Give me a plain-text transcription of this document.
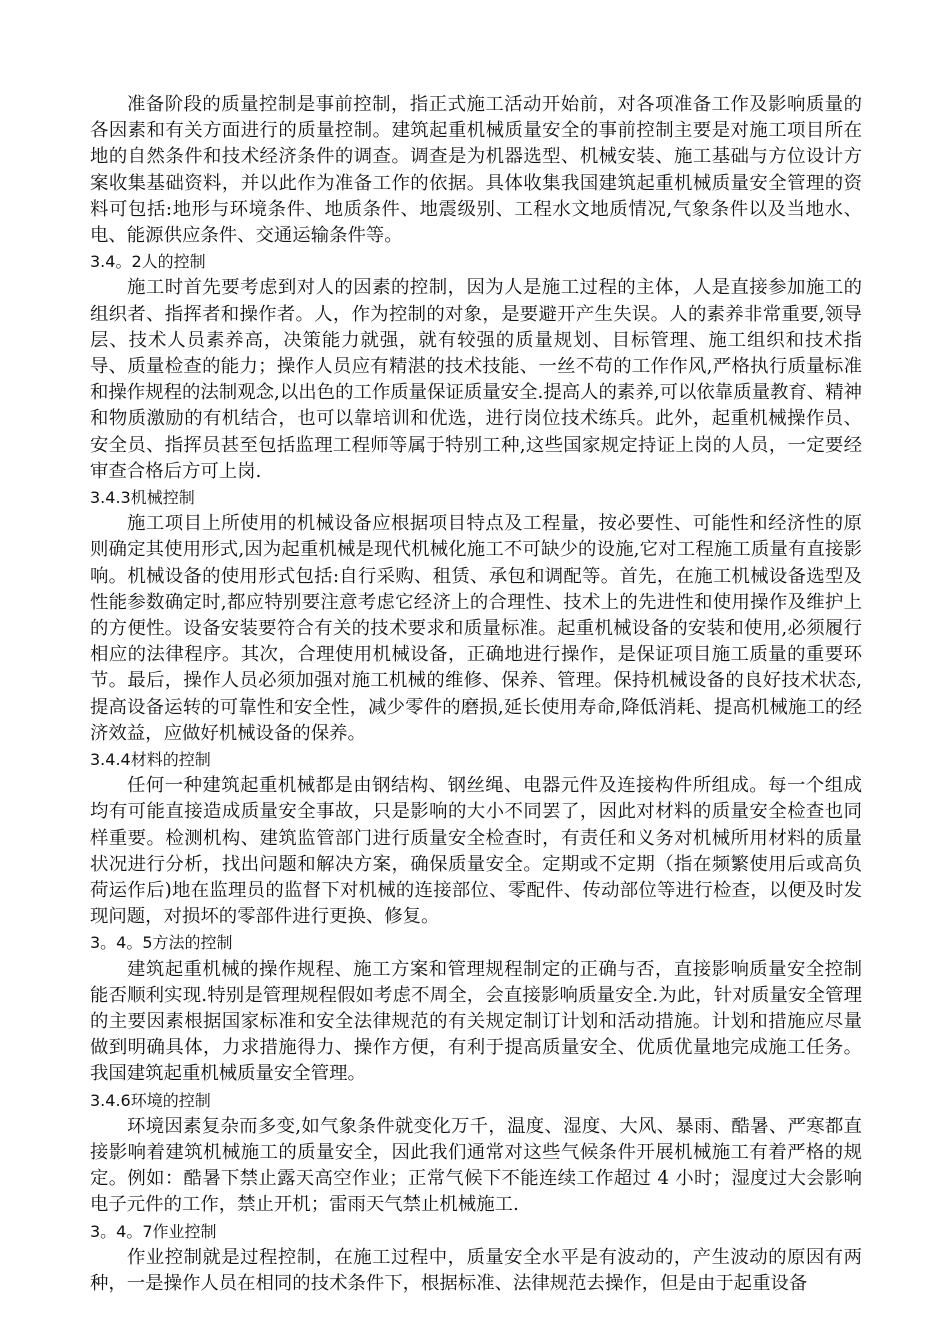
准备阶段的质量控制是事前控制，指正式施工活动开始前，对各项准备工作及影响质量的各因素和有关方面进行的质量控制。建筑起重机械质量安全的事前控制主要是对施工项目所在地的自然条件和技术经济条件的调查。调查是为机器选型、机械安装、施工基础与方位设计方案收集基础资料，并以此作为准备工作的依据。具体收集我国建筑起重机械质量安全管理的资料可包括:地形与环境条件、地质条件、地震级别、工程水文地质情况,气象条件以及当地水、电、能源供应条件、交通运输条件等。

3.4。2人的控制

施工时首先要考虑到对人的因素的控制，因为人是施工过程的主体，人是直接参加施工的组织者、指挥者和操作者。人，作为控制的对象，是要避开产生失误。人的素养非常重要,领导层、技术人员素养高，决策能力就强，就有较强的质量规划、目标管理、施工组织和技术指导、质量检查的能力；操作人员应有精湛的技术技能、一丝不苟的工作作风,严格执行质量标准和操作规程的法制观念,以出色的工作质量保证质量安全.提高人的素养,可以依靠质量教育、精神和物质激励的有机结合，也可以靠培训和优选，进行岗位技术练兵。此外，起重机械操作员、安全员、指挥员甚至包括监理工程师等属于特别工种,这些国家规定持证上岗的人员，一定要经审查合格后方可上岗.

3.4.3机械控制

施工项目上所使用的机械设备应根据项目特点及工程量，按必要性、可能性和经济性的原则确定其使用形式,因为起重机械是现代机械化施工不可缺少的设施,它对工程施工质量有直接影响。机械设备的使用形式包括:自行采购、租赁、承包和调配等。首先，在施工机械设备选型及性能参数确定时,都应特别要注意考虑它经济上的合理性、技术上的先进性和使用操作及维护上的方便性。设备安装要符合有关的技术要求和质量标准。起重机械设备的安装和使用,必须履行相应的法律程序。其次，合理使用机械设备，正确地进行操作，是保证项目施工质量的重要环节。最后，操作人员必须加强对施工机械的维修、保养、管理。保持机械设备的良好技术状态,提高设备运转的可靠性和安全性，减少零件的磨损,延长使用寿命,降低消耗、提高机械施工的经济效益，应做好机械设备的保养。

3.4.4材料的控制

任何一种建筑起重机械都是由钢结构、钢丝绳、电器元件及连接构件所组成。每一个组成均有可能直接造成质量安全事故，只是影响的大小不同罢了，因此对材料的质量安全检查也同样重要。检测机构、建筑监管部门进行质量安全检查时，有责任和义务对机械所用材料的质量状况进行分析，找出问题和解决方案，确保质量安全。定期或不定期（指在频繁使用后或高负荷运作后)地在监理员的监督下对机械的连接部位、零配件、传动部位等进行检查，以便及时发现问题，对损坏的零部件进行更换、修复。

3。4。5方法的控制

建筑起重机械的操作规程、施工方案和管理规程制定的正确与否，直接影响质量安全控制能否顺利实现.特别是管理规程假如考虑不周全，会直接影响质量安全.为此，针对质量安全管理的主要因素根据国家标准和安全法律规范的有关规定制订计划和活动措施。计划和措施应尽量做到明确具体，力求措施得力、操作方便，有利于提高质量安全、优质优量地完成施工任务。我国建筑起重机械质量安全管理。

3.4.6环境的控制

环境因素复杂而多变,如气象条件就变化万千，温度、湿度、大风、暴雨、酷暑、严寒都直接影响着建筑机械施工的质量安全，因此我们通常对这些气候条件开展机械施工有着严格的规定。例如：酷暑下禁止露天高空作业；正常气候下不能连续工作超过 4 小时；湿度过大会影响电子元件的工作，禁止开机；雷雨天气禁止机械施工.

3。4。7作业控制

作业控制就是过程控制，在施工过程中，质量安全水平是有波动的，产生波动的原因有两种，一是操作人员在相同的技术条件下，根据标准、法律规范去操作，但是由于起重设备
